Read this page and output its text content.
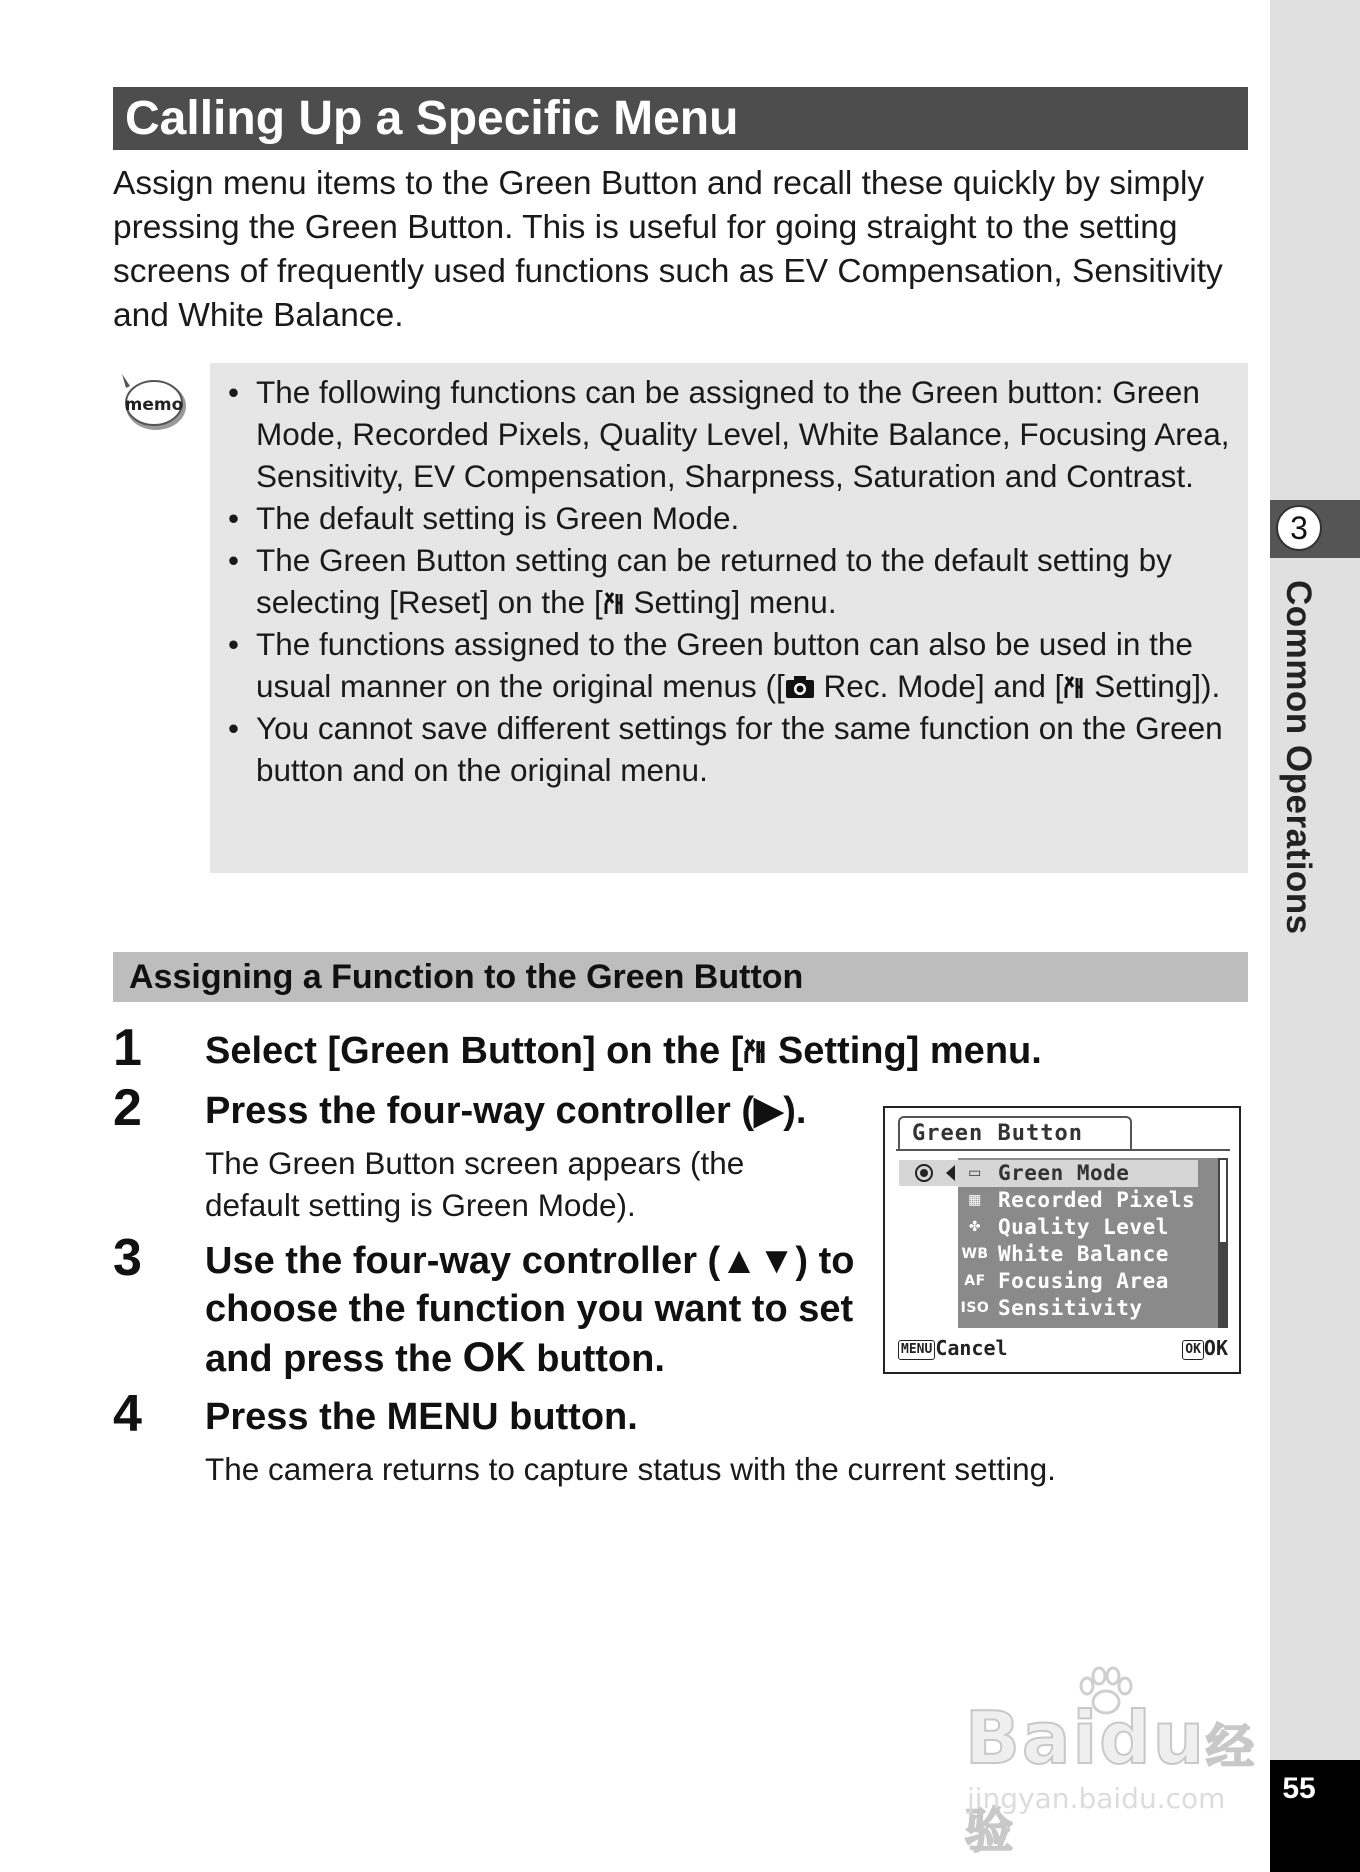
3
Common Operations
55
Calling Up a Specific Menu

Assign menu items to the Green Button and recall these quickly by simply pressing the Green Button. This is useful for going straight to the setting screens of frequently used functions such as EV Compensation, Sensitivity and White Balance.

memo • The following functions can be assigned to the Green button: Green Mode, Recorded Pixels, Quality Level, White Balance, Focusing Area, Sensitivity, EV Compensation, Sharpness, Saturation and Contrast.
• The default setting is Green Mode.
• The Green Button setting can be returned to the default setting by selecting [Reset] on the [ Setting] menu.
• The functions assigned to the Green button can also be used in the usual manner on the original menus ([ Rec. Mode] and [ Setting]).
• You cannot save different settings for the same function on the Green button and on the original menu.
Assigning a Function to the Green Button
1 Select [Green Button] on the [ Setting] menu.
2 Press the four-way controller (▶).
The Green Button screen appears (the default setting is Green Mode).
3 Use the four-way controller (▲▼) to choose the function you want to set and press the OK button.
4 Press the MENU button.
The camera returns to capture status with the current setting.
Green Button
▭ Green Mode
▦ Recorded Pixels
✤ Quality Level
WB White Balance
AF Focusing Area
ISO Sensitivity
MENU Cancel	OK OK
Baidu经验
jingyan.baidu.com
